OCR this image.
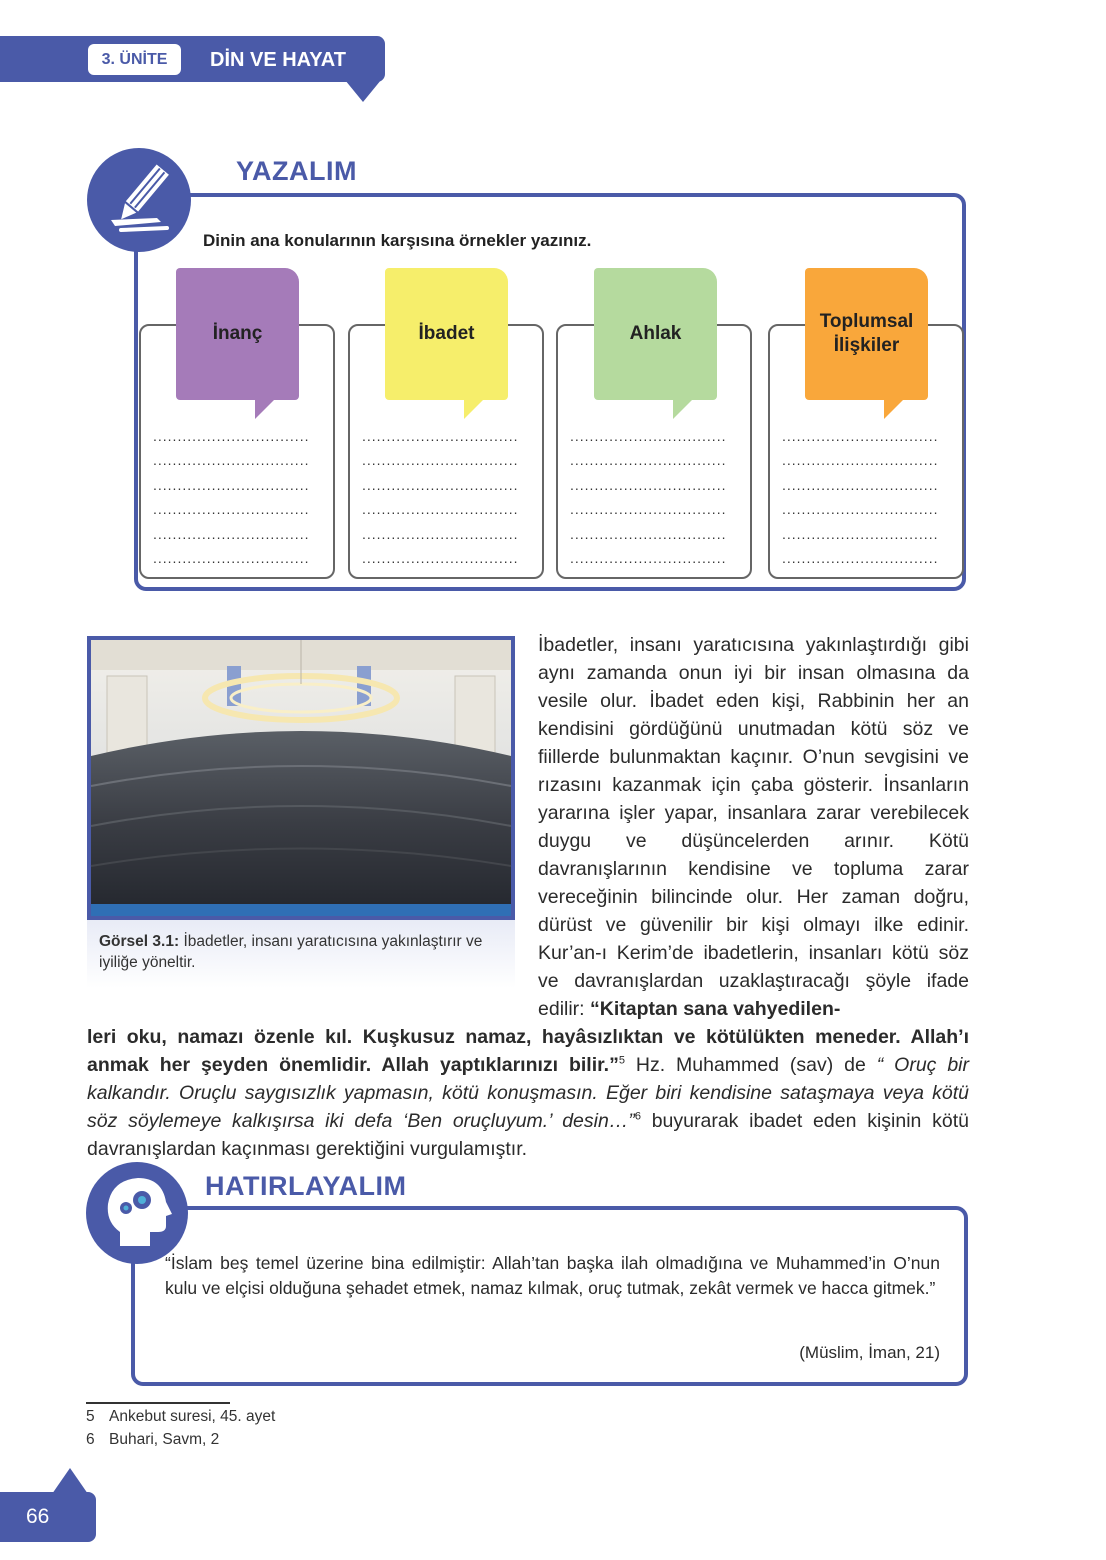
3. ÜNİTE	DİN VE HAYAT
YAZALIM
Dinin ana konularının karşısına örnekler yazınız.
................................
................................
................................
................................
................................
................................
İnanç
................................
................................
................................
................................
................................
................................
İbadet
................................
................................
................................
................................
................................
................................
Ahlak
................................
................................
................................
................................
................................
................................
Toplumsal İlişkiler
Görsel 3.1: İbadetler, insanı yaratıcısına yakınlaştırır ve iyiliğe yöneltir.
İbadetler, insanı yaratıcısına yakınlaştırdığı gibi aynı zamanda onun iyi bir insan olmasına da vesile olur. İbadet eden kişi, Rabbinin her an kendisini gördüğünü unutmadan kötü söz ve fiillerde bulunmaktan kaçınır. O’nun sevgisini ve rızasını kazanmak için çaba gösterir. İnsanların yararına işler yapar, insanlara zarar verebilecek duygu ve düşüncelerden arınır. Kötü davranışlarının kendisine ve topluma zarar vereceğinin bilincinde olur. Her zaman doğru, dürüst ve güvenilir bir kişi olmayı ilke edinir. Kur’an-ı Kerim’de ibadetlerin, insanları kötü söz ve davranışlardan uzaklaştıracağı şöyle ifade edilir: “Kitaptan sana vahyedilen-
leri oku, namazı özenle kıl. Kuşkusuz namaz, hayâsızlıktan ve kötülükten meneder. Allah’ı anmak her şeyden önemlidir. Allah yaptıklarınızı bilir.”$^5$ Hz. Muhammed (sav) de “ Oruç bir kalkandır. Oruçlu saygısızlık yapmasın, kötü konuşmasın. Eğer biri kendisine sataşmaya veya kötü söz söylemeye kalkışırsa iki defa ‘Ben oruçluyum.’ desin…”$^6$ buyurarak ibadet eden kişinin kötü davranışlardan kaçınması gerektiğini vurgulamıştır.
HATIRLAYALIM
“İslam beş temel üzerine bina edilmiştir: Allah’tan başka ilah olmadığına ve Muhammed’in O’nun kulu ve elçisi olduğuna şehadet etmek, namaz kılmak, oruç tutmak, zekât vermek ve hacca gitmek.”
(Müslim, İman, 21)
5 Ankebut suresi, 45. ayet
6 Buhari, Savm, 2
66
